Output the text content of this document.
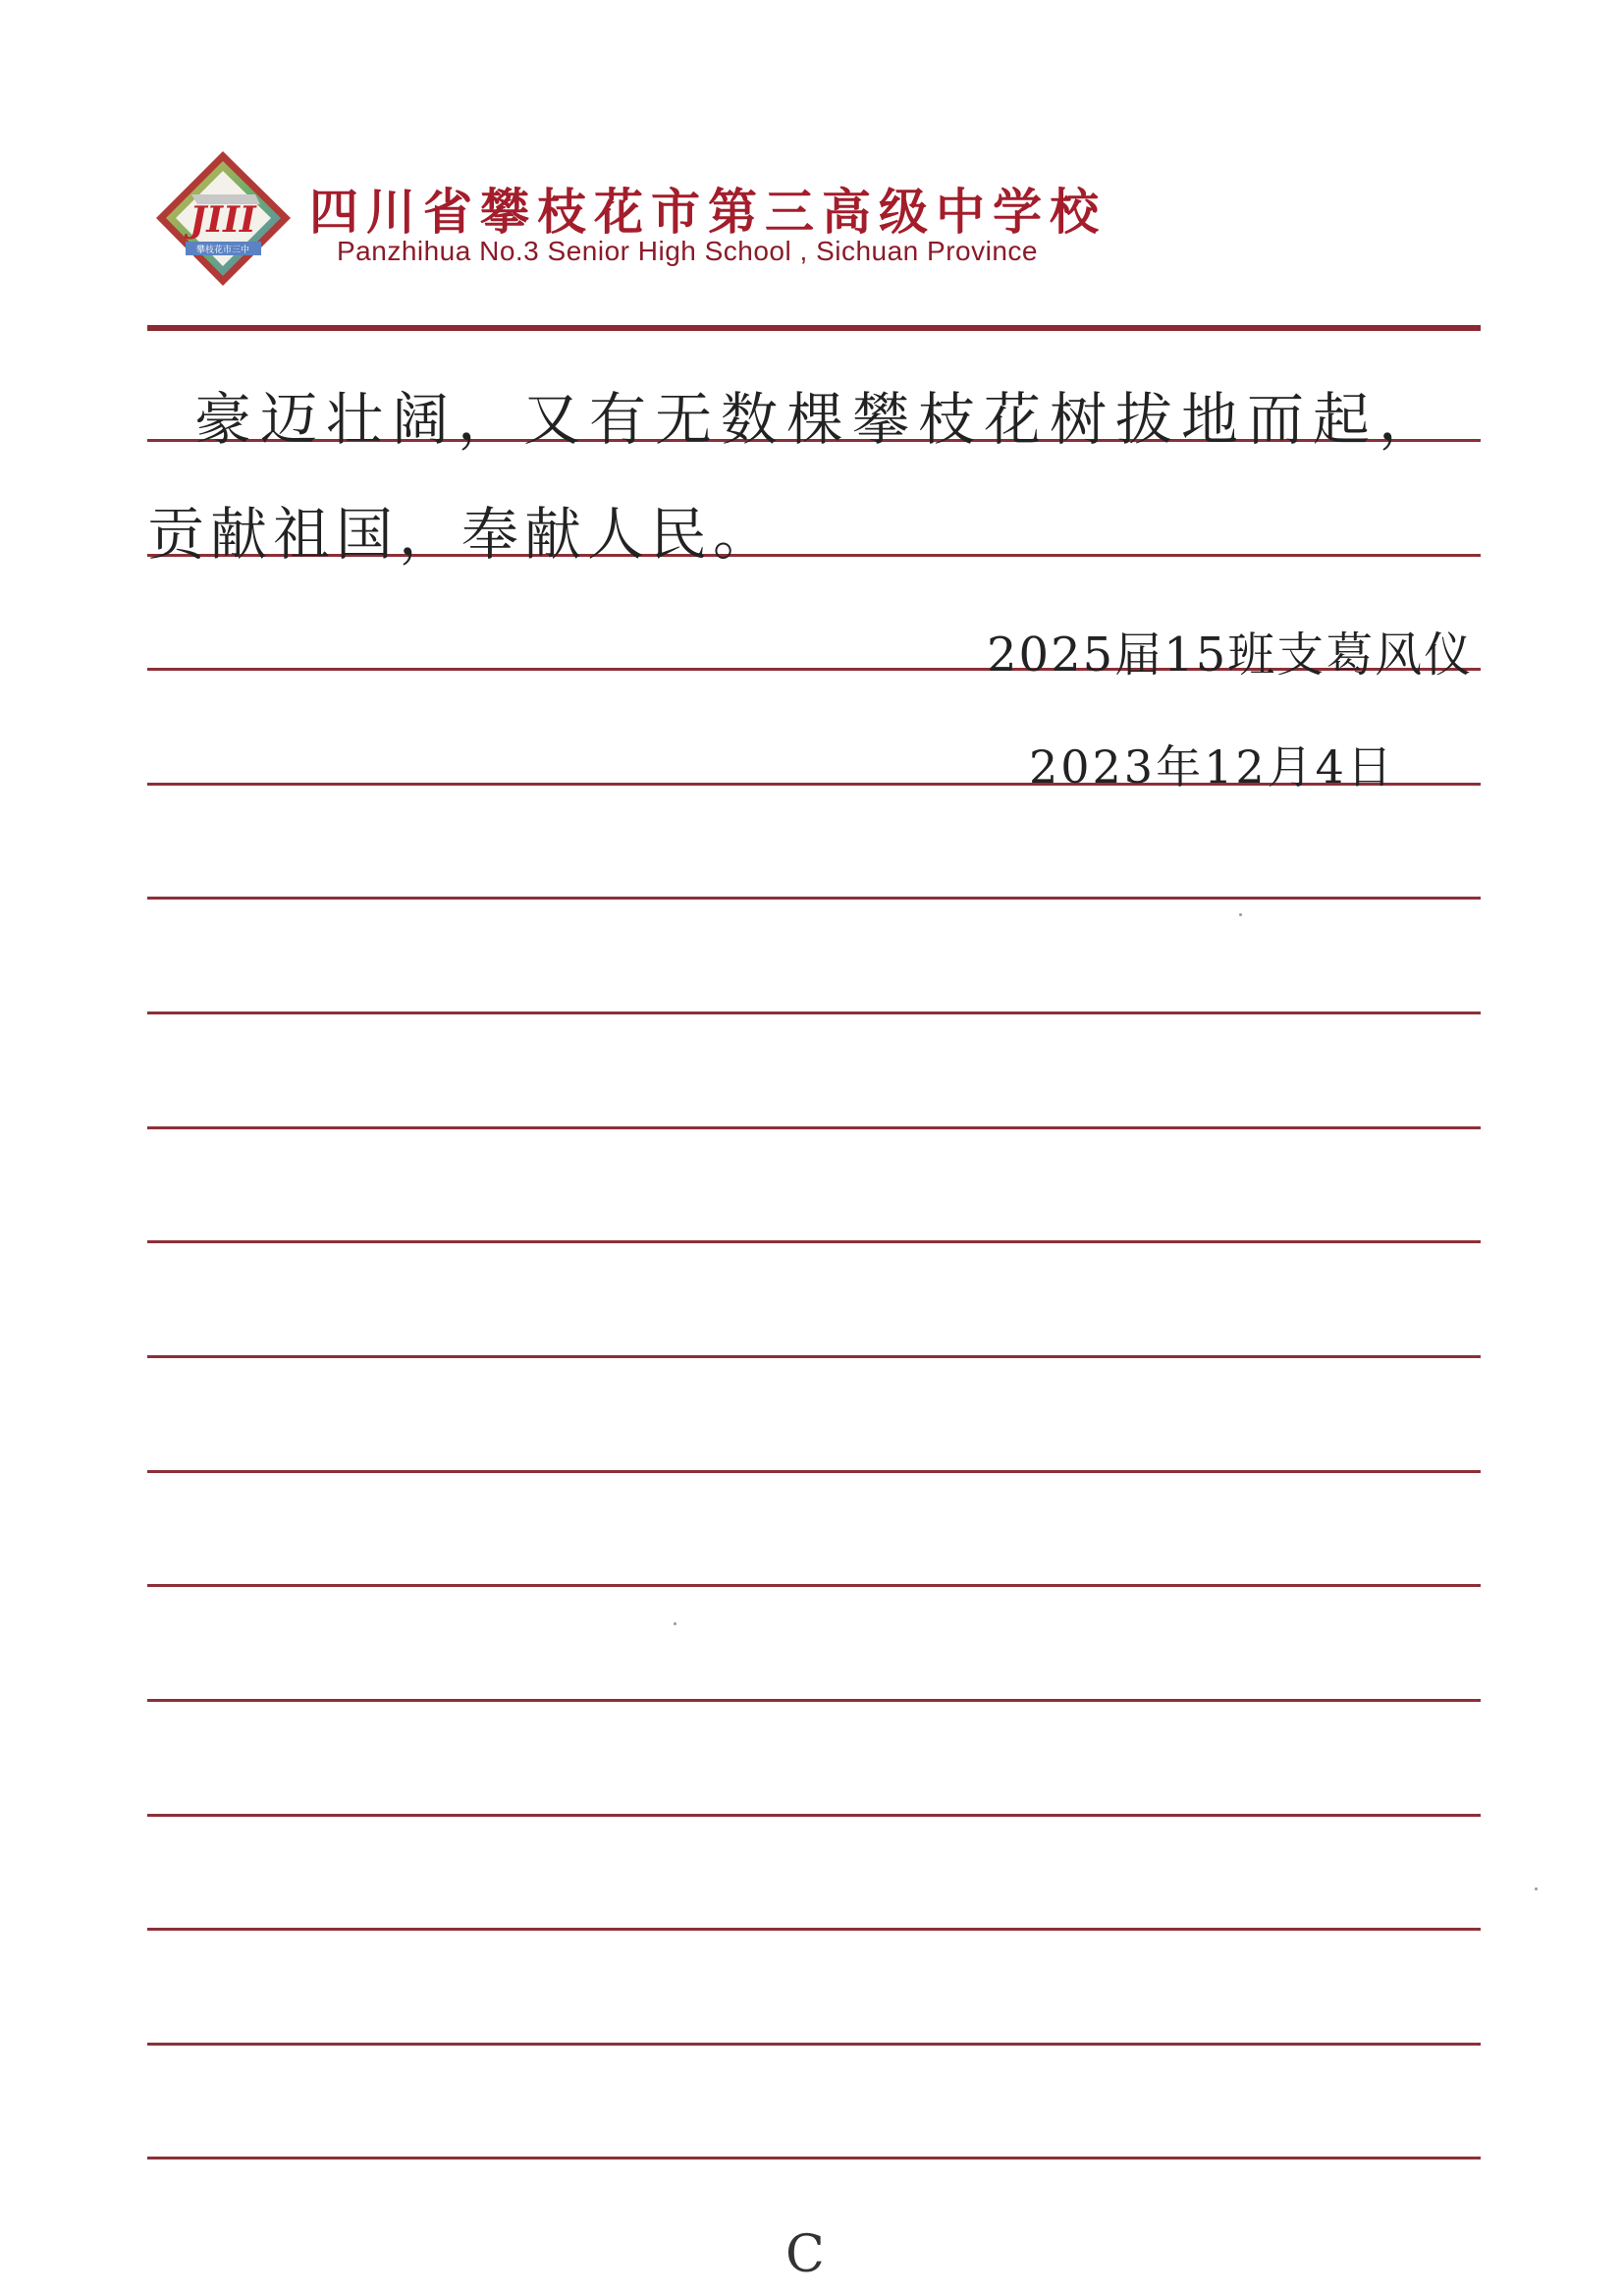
JIII
攀枝花市三中
四川省攀枝花市第三高级中学校
Panzhihua No.3 Senior High School , Sichuan Province
豪迈壮阔，又有无数棵攀枝花树拔地而起，
贡献祖国，奉献人民。
2025届15班支葛风仪
2023年12月4日
C
